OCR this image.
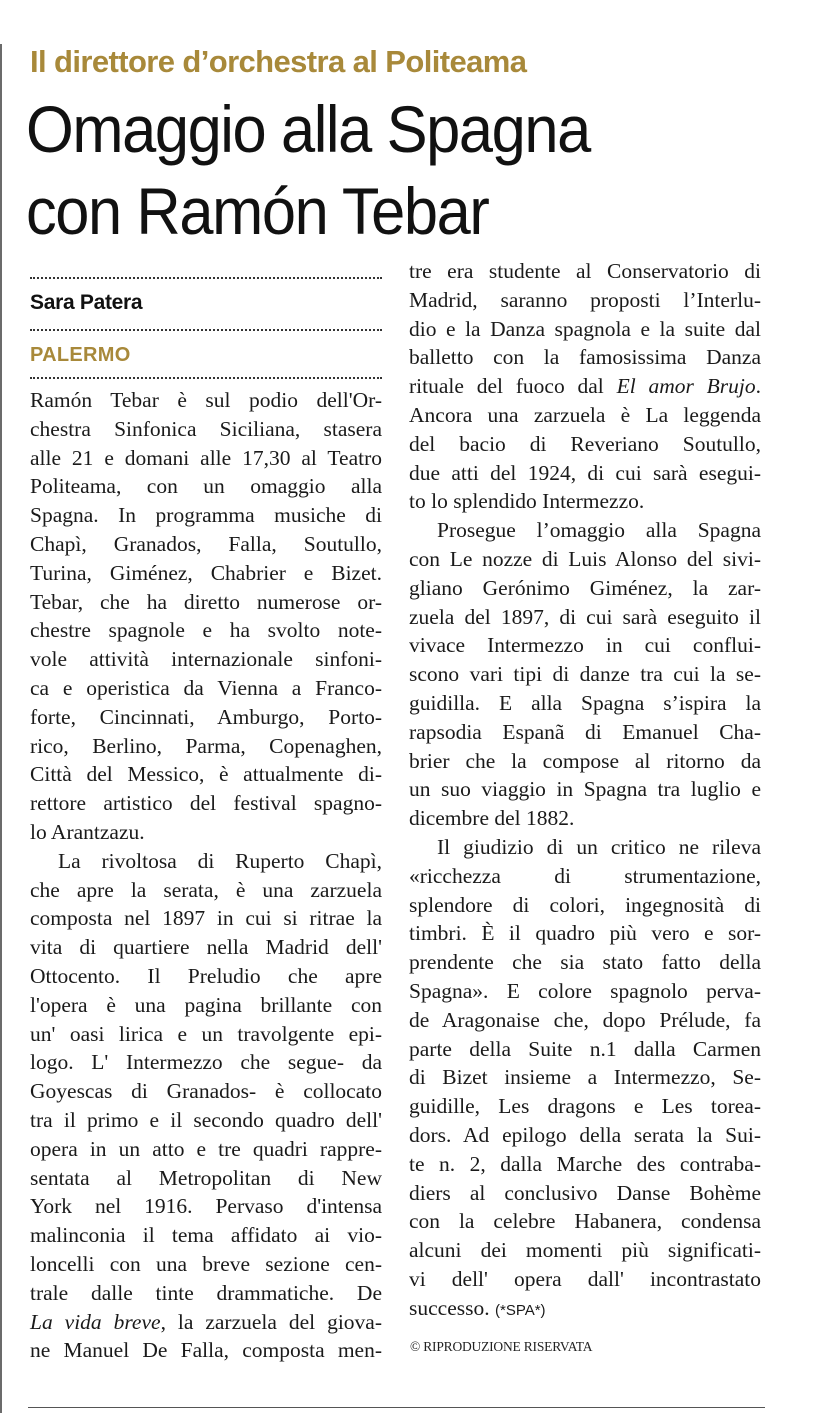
Il direttore d’orchestra al Politeama
Omaggio alla Spagna
con Ramón Tebar
Sara Patera
PALERMO
Ramón Tebar è sul podio dell'Or-
chestra Sinfonica Siciliana, stasera
alle 21 e domani alle 17,30 al Teatro
Politeama, con un omaggio alla
Spagna. In programma musiche di
Chapì, Granados, Falla, Soutullo,
Turina, Giménez, Chabrier e Bizet.
Tebar, che ha diretto numerose or-
chestre spagnole e ha svolto note-
vole attività internazionale sinfoni-
ca e operistica da Vienna a Franco-
forte, Cincinnati, Amburgo, Porto-
rico, Berlino, Parma, Copenaghen,
Città del Messico, è attualmente di-
rettore artistico del festival spagno-
lo Arantzazu.
La rivoltosa di Ruperto Chapì,
che apre la serata, è una zarzuela
composta nel 1897 in cui si ritrae la
vita di quartiere nella Madrid dell'
Ottocento. Il Preludio che apre
l'opera è una pagina brillante con
un' oasi lirica e un travolgente epi-
logo. L' Intermezzo che segue- da
Goyescas di Granados- è collocato
tra il primo e il secondo quadro dell'
opera in un atto e tre quadri rappre-
sentata al Metropolitan di New
York nel 1916. Pervaso d'intensa
malinconia il tema affidato ai vio-
loncelli con una breve sezione cen-
trale dalle tinte drammatiche. De
La vida breve, la zarzuela del giova-
ne Manuel De Falla, composta men-
tre era studente al Conservatorio di
Madrid, saranno proposti l’Interlu-
dio e la Danza spagnola e la suite dal
balletto con la famosissima Danza
rituale del fuoco dal El amor Brujo.
Ancora una zarzuela è La leggenda
del bacio di Reveriano Soutullo,
due atti del 1924, di cui sarà esegui-
to lo splendido Intermezzo.
Prosegue l’omaggio alla Spagna
con Le nozze di Luis Alonso del sivi-
gliano Gerónimo Giménez, la zar-
zuela del 1897, di cui sarà eseguito il
vivace Intermezzo in cui conflui-
scono vari tipi di danze tra cui la se-
guidilla. E alla Spagna s’ispira la
rapsodia Espanã di Emanuel Cha-
brier che la compose al ritorno da
un suo viaggio in Spagna tra luglio e
dicembre del 1882.
Il giudizio di un critico ne rileva
«ricchezza di strumentazione,
splendore di colori, ingegnosità di
timbri. È il quadro più vero e sor-
prendente che sia stato fatto della
Spagna». E colore spagnolo perva-
de Aragonaise che, dopo Prélude, fa
parte della Suite n.1 dalla Carmen
di Bizet insieme a Intermezzo, Se-
guidille, Les dragons e Les torea-
dors. Ad epilogo della serata la Sui-
te n. 2, dalla Marche des contraba-
diers al conclusivo Danse Bohème
con la celebre Habanera, condensa
alcuni dei momenti più significati-
vi dell' opera dall' incontrastato
successo. (*SPA*)
© RIPRODUZIONE RISERVATA
